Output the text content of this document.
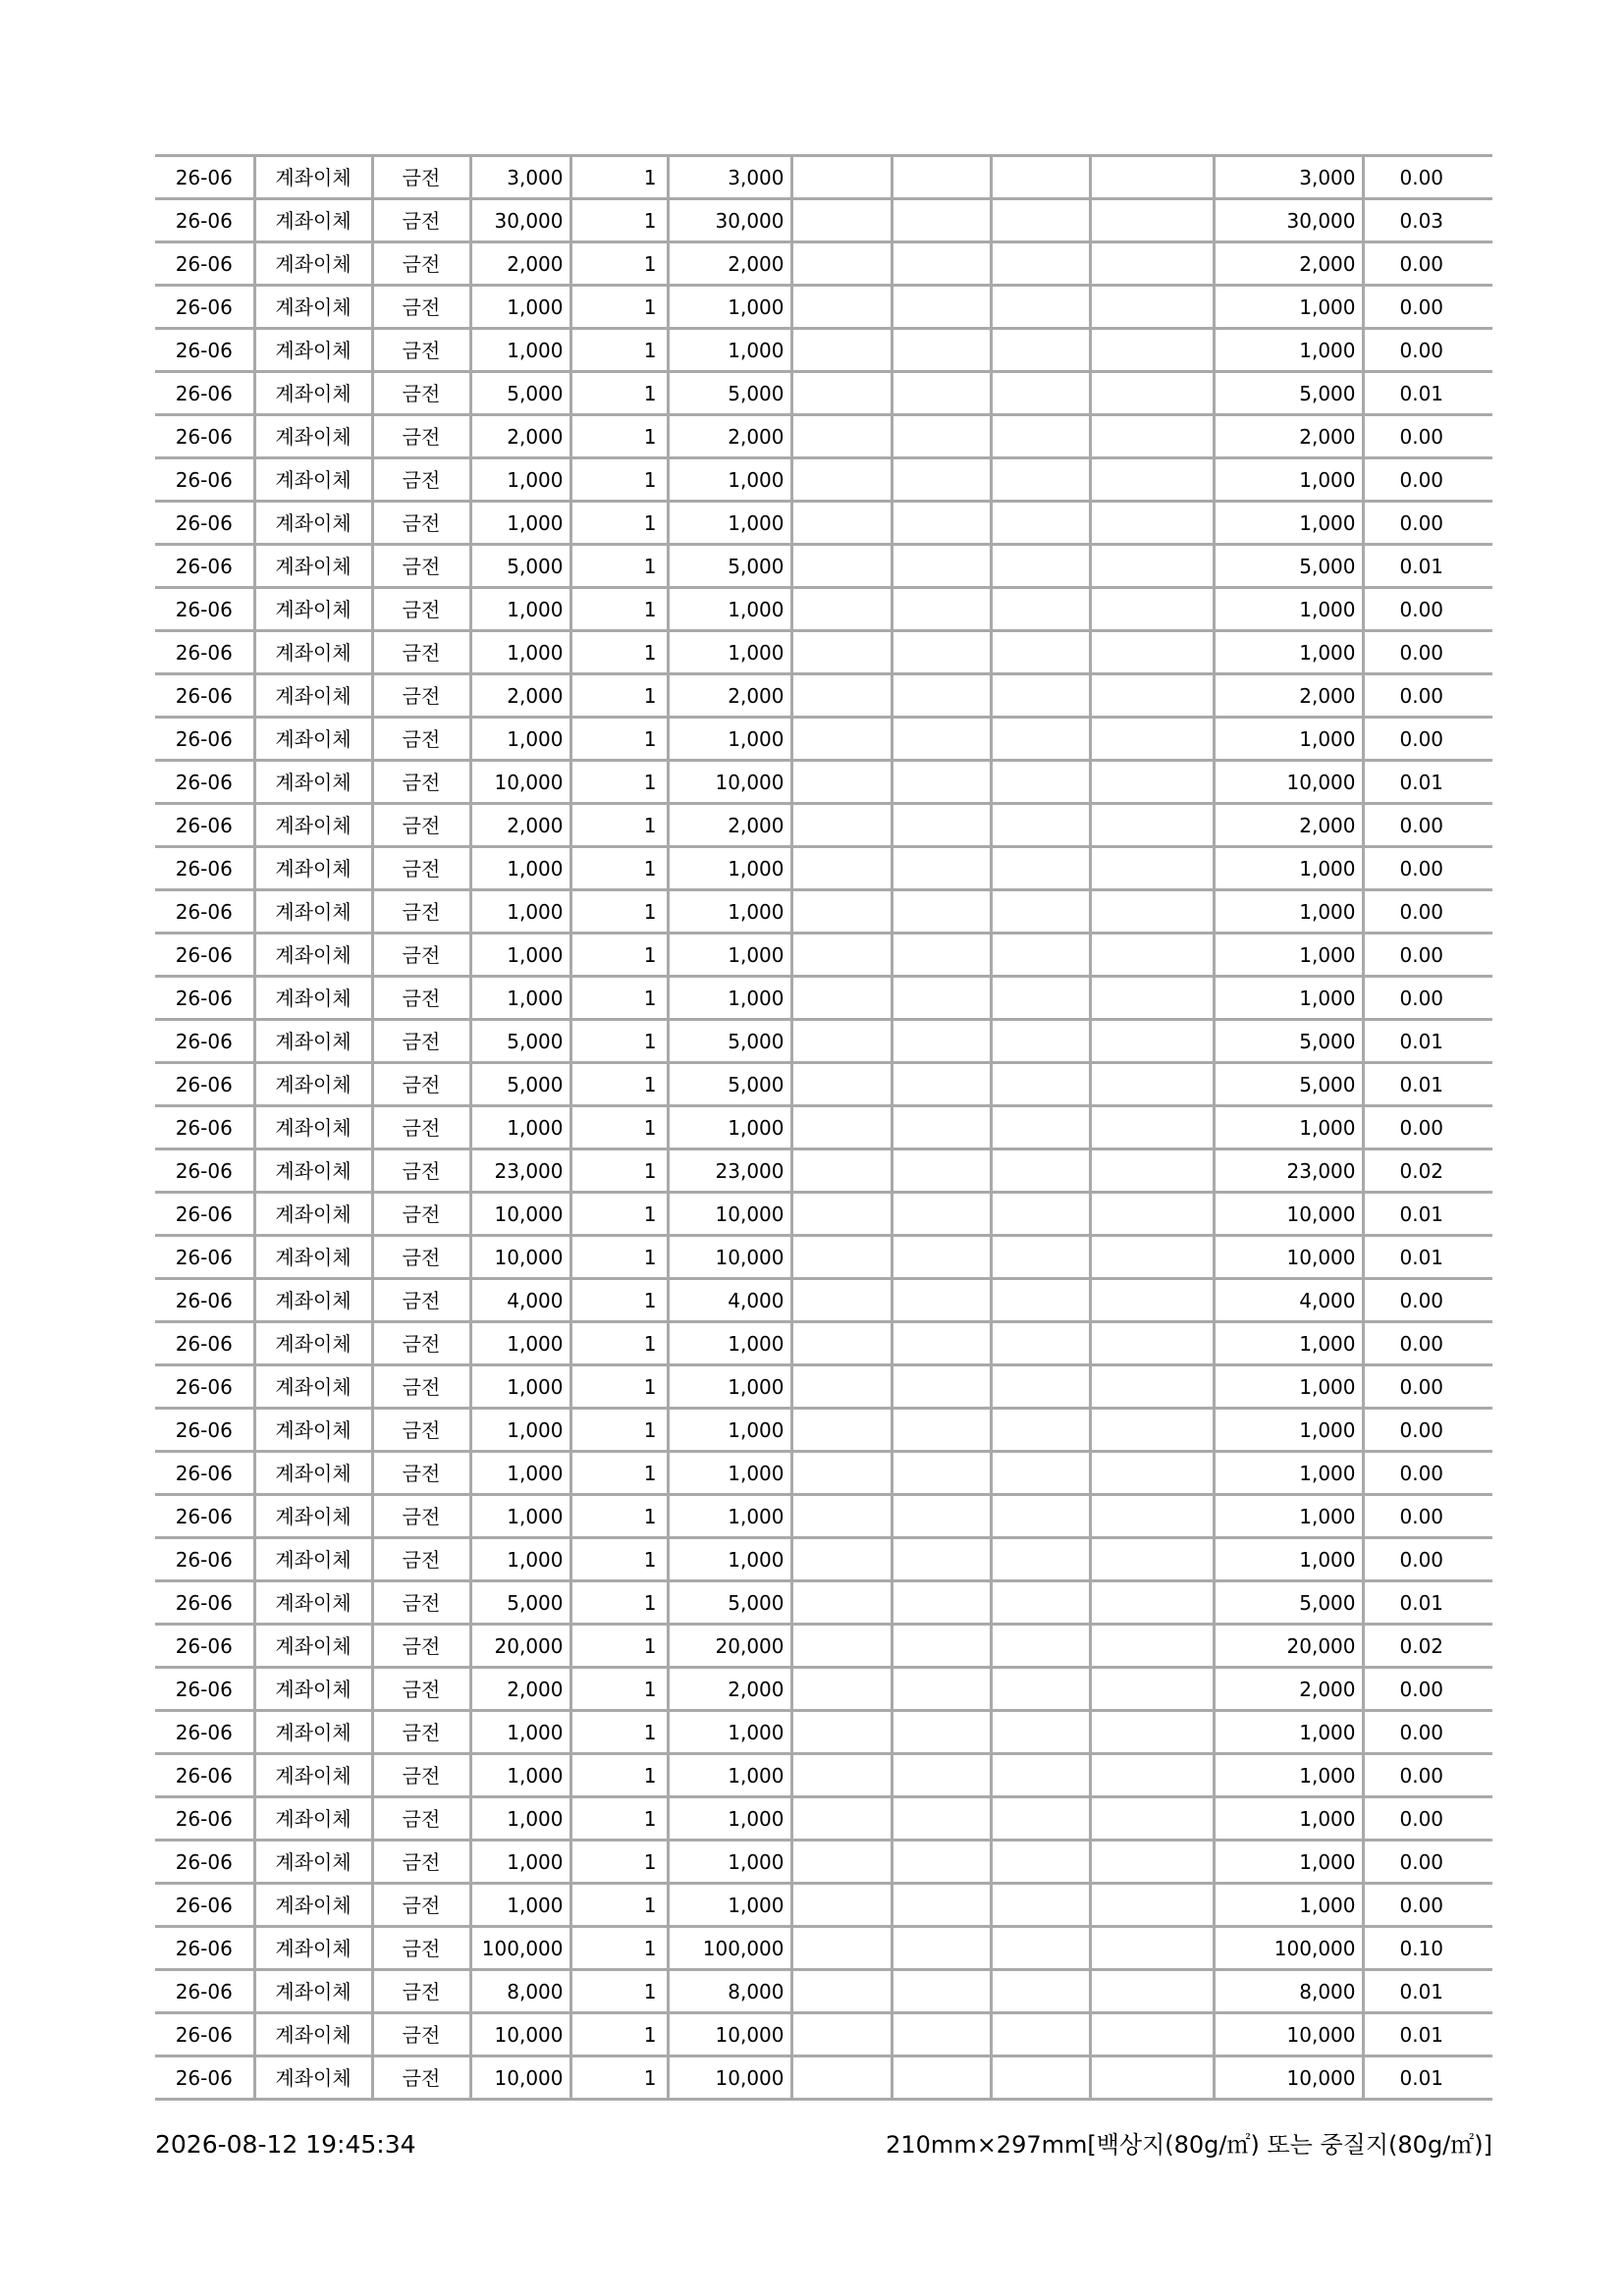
26-06	계좌이체	금전	3,000	1	3,000					3,000	0.00
26-06	계좌이체	금전	30,000	1	30,000					30,000	0.03
26-06	계좌이체	금전	2,000	1	2,000					2,000	0.00
26-06	계좌이체	금전	1,000	1	1,000					1,000	0.00
26-06	계좌이체	금전	1,000	1	1,000					1,000	0.00
26-06	계좌이체	금전	5,000	1	5,000					5,000	0.01
26-06	계좌이체	금전	2,000	1	2,000					2,000	0.00
26-06	계좌이체	금전	1,000	1	1,000					1,000	0.00
26-06	계좌이체	금전	1,000	1	1,000					1,000	0.00
26-06	계좌이체	금전	5,000	1	5,000					5,000	0.01
26-06	계좌이체	금전	1,000	1	1,000					1,000	0.00
26-06	계좌이체	금전	1,000	1	1,000					1,000	0.00
26-06	계좌이체	금전	2,000	1	2,000					2,000	0.00
26-06	계좌이체	금전	1,000	1	1,000					1,000	0.00
26-06	계좌이체	금전	10,000	1	10,000					10,000	0.01
26-06	계좌이체	금전	2,000	1	2,000					2,000	0.00
26-06	계좌이체	금전	1,000	1	1,000					1,000	0.00
26-06	계좌이체	금전	1,000	1	1,000					1,000	0.00
26-06	계좌이체	금전	1,000	1	1,000					1,000	0.00
26-06	계좌이체	금전	1,000	1	1,000					1,000	0.00
26-06	계좌이체	금전	5,000	1	5,000					5,000	0.01
26-06	계좌이체	금전	5,000	1	5,000					5,000	0.01
26-06	계좌이체	금전	1,000	1	1,000					1,000	0.00
26-06	계좌이체	금전	23,000	1	23,000					23,000	0.02
26-06	계좌이체	금전	10,000	1	10,000					10,000	0.01
26-06	계좌이체	금전	10,000	1	10,000					10,000	0.01
26-06	계좌이체	금전	4,000	1	4,000					4,000	0.00
26-06	계좌이체	금전	1,000	1	1,000					1,000	0.00
26-06	계좌이체	금전	1,000	1	1,000					1,000	0.00
26-06	계좌이체	금전	1,000	1	1,000					1,000	0.00
26-06	계좌이체	금전	1,000	1	1,000					1,000	0.00
26-06	계좌이체	금전	1,000	1	1,000					1,000	0.00
26-06	계좌이체	금전	1,000	1	1,000					1,000	0.00
26-06	계좌이체	금전	5,000	1	5,000					5,000	0.01
26-06	계좌이체	금전	20,000	1	20,000					20,000	0.02
26-06	계좌이체	금전	2,000	1	2,000					2,000	0.00
26-06	계좌이체	금전	1,000	1	1,000					1,000	0.00
26-06	계좌이체	금전	1,000	1	1,000					1,000	0.00
26-06	계좌이체	금전	1,000	1	1,000					1,000	0.00
26-06	계좌이체	금전	1,000	1	1,000					1,000	0.00
26-06	계좌이체	금전	1,000	1	1,000					1,000	0.00
26-06	계좌이체	금전	100,000	1	100,000					100,000	0.10
26-06	계좌이체	금전	8,000	1	8,000					8,000	0.01
26-06	계좌이체	금전	10,000	1	10,000					10,000	0.01
26-06	계좌이체	금전	10,000	1	10,000					10,000	0.01
2026-08-12 19:45:34	210mm×297mm[백상지(80g/㎡) 또는 중질지(80g/㎡)]
